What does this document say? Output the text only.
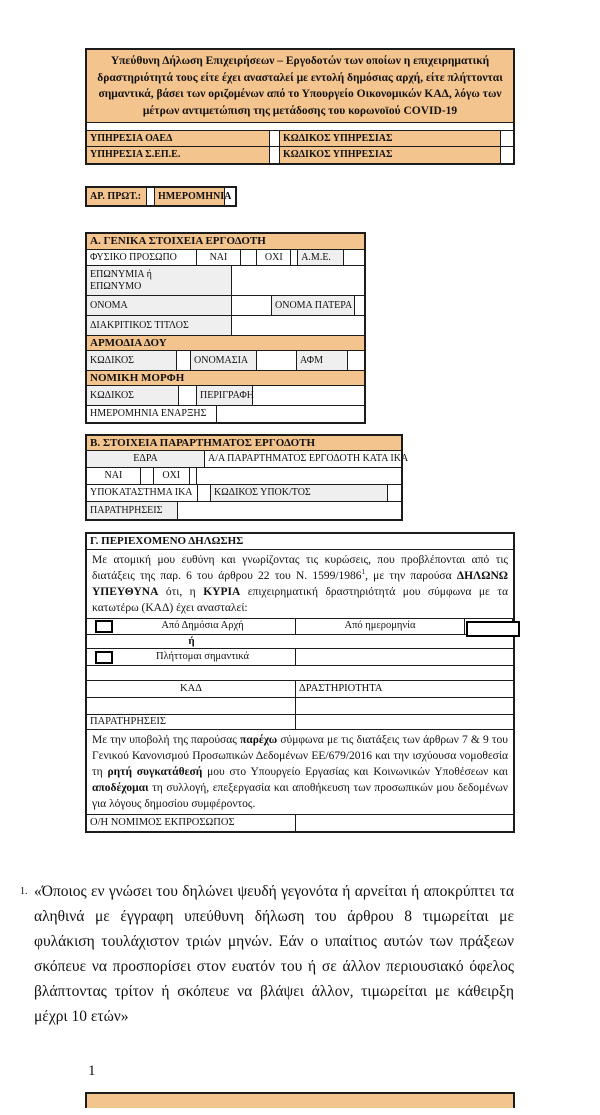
Υπεύθυνη Δήλωση Επιχειρήσεων – Εργοδοτών των οποίων η επιχειρηματική δραστηριότητά τους είτε έχει ανασταλεί με εντολή δημόσιας αρχή, είτε πλήττονται σημαντικά, βάσει των οριζομένων από το Υπουργείο Οικονομικών ΚΑΔ, λόγω των μέτρων αντιμετώπιση της μετάδοσης του κορωνοϊού COVID-19
ΥΠΗΡΕΣΙΑ ΟΑΕΔ	ΚΩΔΙΚΟΣ ΥΠΗΡΕΣΙΑΣ
ΥΠΗΡΕΣΙΑ Σ.ΕΠ.Ε.	ΚΩΔΙΚΟΣ ΥΠΗΡΕΣΙΑΣ
ΑΡ. ΠΡΩΤ.:	ΗΜΕΡΟΜΗΝΙΑ
Α. ΓΕΝΙΚΑ ΣΤΟΙΧΕΙΑ ΕΡΓΟΔΟΤΗ
ΦΥΣΙΚΟ ΠΡΟΣΩΠΟ	ΝΑΙ	ΟΧΙ	Α.Μ.Ε.
ΕΠΩΝΥΜΙΑ ή ΕΠΩΝΥΜΟ
ΟΝΟΜΑ	ΟΝΟΜΑ ΠΑΤΕΡΑ
ΔΙΑΚΡΙΤΙΚΟΣ ΤΙΤΛΟΣ
ΑΡΜΟΔΙΑ ΔΟΥ
ΚΩΔΙΚΟΣ	ΟΝΟΜΑΣΙΑ	ΑΦΜ
ΝΟΜΙΚΗ ΜΟΡΦΗ
ΚΩΔΙΚΟΣ	ΠΕΡΙΓΡΑΦΗ
ΗΜΕΡΟΜΗΝΙΑ ΕΝΑΡΞΗΣ
Β. ΣΤΟΙΧΕΙΑ ΠΑΡΑΡΤΗΜΑΤΟΣ ΕΡΓΟΔΟΤΗ
ΕΔΡΑ	Α/Α ΠΑΡΑΡΤΗΜΑΤΟΣ ΕΡΓΟΔΟΤΗ ΚΑΤΑ ΙΚΑ
ΝΑΙ	ΟΧΙ
ΥΠΟΚΑΤΑΣΤΗΜΑ ΙΚΑ	ΚΩΔΙΚΟΣ ΥΠΟΚ/ΤΟΣ
ΠΑΡΑΤΗΡΗΣΕΙΣ
Γ. ΠΕΡΙΕΧΟΜΕΝΟ ΔΗΛΩΣΗΣ
Με ατομική μου ευθύνη και γνωρίζοντας τις κυρώσεις, που προβλέπονται από τις διατάξεις της παρ. 6 του άρθρου 22 του Ν. 1599/1986$^1$, με την παρούσα ΔΗΛΩΝΩ ΥΠΕΥΘΥΝΑ ότι, η ΚΥΡΙΑ επιχειρηματική δραστηριότητά μου σύμφωνα με τα κατωτέρω (ΚΑΔ) έχει ανασταλεί:
Από Δημόσια Αρχή	Από ημερομηνία
ή
Πλήττομαι σημαντικά
ΚΑΔ	ΔΡΑΣΤΗΡΙΟΤΗΤΑ
ΠΑΡΑΤΗΡΗΣΕΙΣ
Με την υποβολή της παρούσας παρέχω σύμφωνα με τις διατάξεις των άρθρων 7 & 9 του Γενικού Κανονισμού Προσωπικών Δεδομένων ΕΕ/679/2016 και την ισχύουσα νομοθεσία τη ρητή συγκατάθεσή μου στο Υπουργείο Εργασίας και Κοινωνικών Υποθέσεων και αποδέχομαι τη συλλογή, επεξεργασία και αποθήκευση των προσωπικών μου δεδομένων για λόγους δημοσίου συμφέροντος.
Ο/Η ΝΟΜΙΜΟΣ ΕΚΠΡΟΣΩΠΟΣ
1. «Όποιος εν γνώσει του δηλώνει ψευδή γεγονότα ή αρνείται ή αποκρύπτει τα αληθινά με έγγραφη υπεύθυνη δήλωση του άρθρου 8 τιμωρείται με φυλάκιση τουλάχιστον τριών μηνών. Εάν ο υπαίτιος αυτών των πράξεων σκόπευε να προσπορίσει στον ευατόν του ή σε άλλον περιουσιακό όφελος βλάπτοντας τρίτον ή σκόπευε να βλάψει άλλον, τιμωρείται με κάθειρξη μέχρι 10 ετών»
1
